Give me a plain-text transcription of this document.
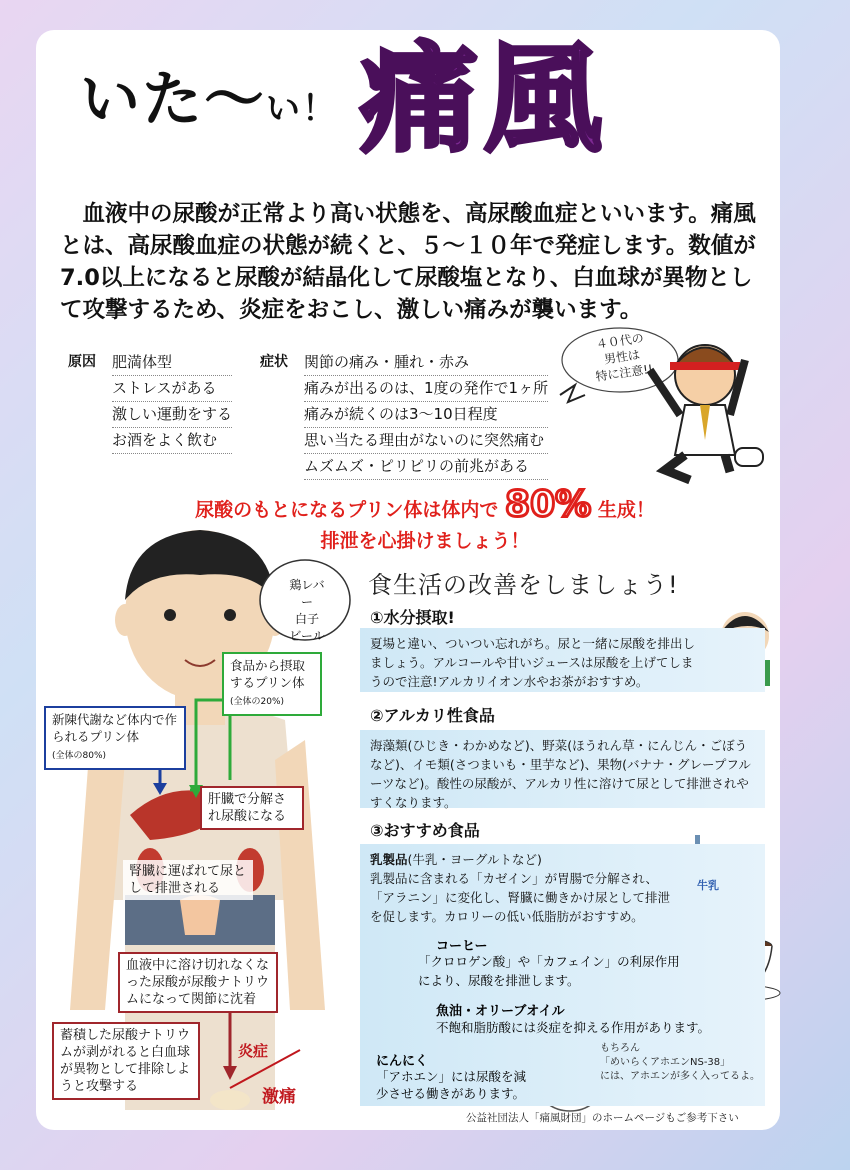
いた〜い！ 痛風

　血液中の尿酸が正常より高い状態を、高尿酸血症といいます。痛風とは、高尿酸血症の状態が続くと、５〜１０年で発症します。数値が7.0以上になると尿酸が結晶化して尿酸塩となり、白血球が異物として攻撃するため、炎症をおこし、激しい痛みが襲います。

原因 肥満体型
ストレスがある
激しい運動をする
お酒をよく飲む
症状 関節の痛み・腫れ・赤み
痛みが出るのは、1度の発作で1ヶ所
痛みが続くのは3〜10日程度
思い当たる理由がないのに突然痛む
ムズムズ・ピリピリの前兆がある
４０代の
男性は
特に注意!!
尿酸のもとになるプリン体は体内で 80% 生成！
排泄を心掛けましょう！
鶏レバー
白子
ビール
食品から摂取するプリン体
(全体の20%)
新陳代謝など体内で作られるプリン体
(全体の80%)
肝臓で分解され尿酸になる
腎臓に運ばれて尿として排泄される
血液中に溶け切れなくなった尿酸が尿酸ナトリウムになって関節に沈着
蓄積した尿酸ナトリウムが剥がれると白血球が異物として排除しようと攻撃する
炎症
激痛
食生活の改善をしましょう!
①水分摂取!
夏場と違い、ついつい忘れがち。尿と一緒に尿酸を排出しましょう。アルコールや甘いジュースは尿酸を上げてしまうので注意!アルカリイオン水やお茶がおすすめ。
②アルカリ性食品
海藻類(ひじき・わかめなど)、野菜(ほうれん草・にんじん・ごぼうなど)、イモ類(さつまいも・里芋など)、果物(バナナ・グレープフルーツなど)。酸性の尿酸が、アルカリ性に溶けて尿として排泄されやすくなります。
③おすすめ食品
乳製品(牛乳・ヨーグルトなど)
乳製品に含まれる「カゼイン」が胃腸で分解され、「アラニン」に変化し、腎臓に働きかけ尿として排泄を促します。カロリーの低い低脂肪がおすすめ。
牛乳
コーヒー
「クロロゲン酸」や「カフェイン」の利尿作用により、尿酸を排泄します。
魚油・オリーブオイル
不飽和脂肪酸には炎症を抑える作用があります。
にんにく
「アホエン」には尿酸を減少させる働きがあります。
もちろん
「めいらくアホエンNS-38」
には、アホエンが多く入ってるよ。
公益社団法人「痛風財団」のホームページもご参考下さい
